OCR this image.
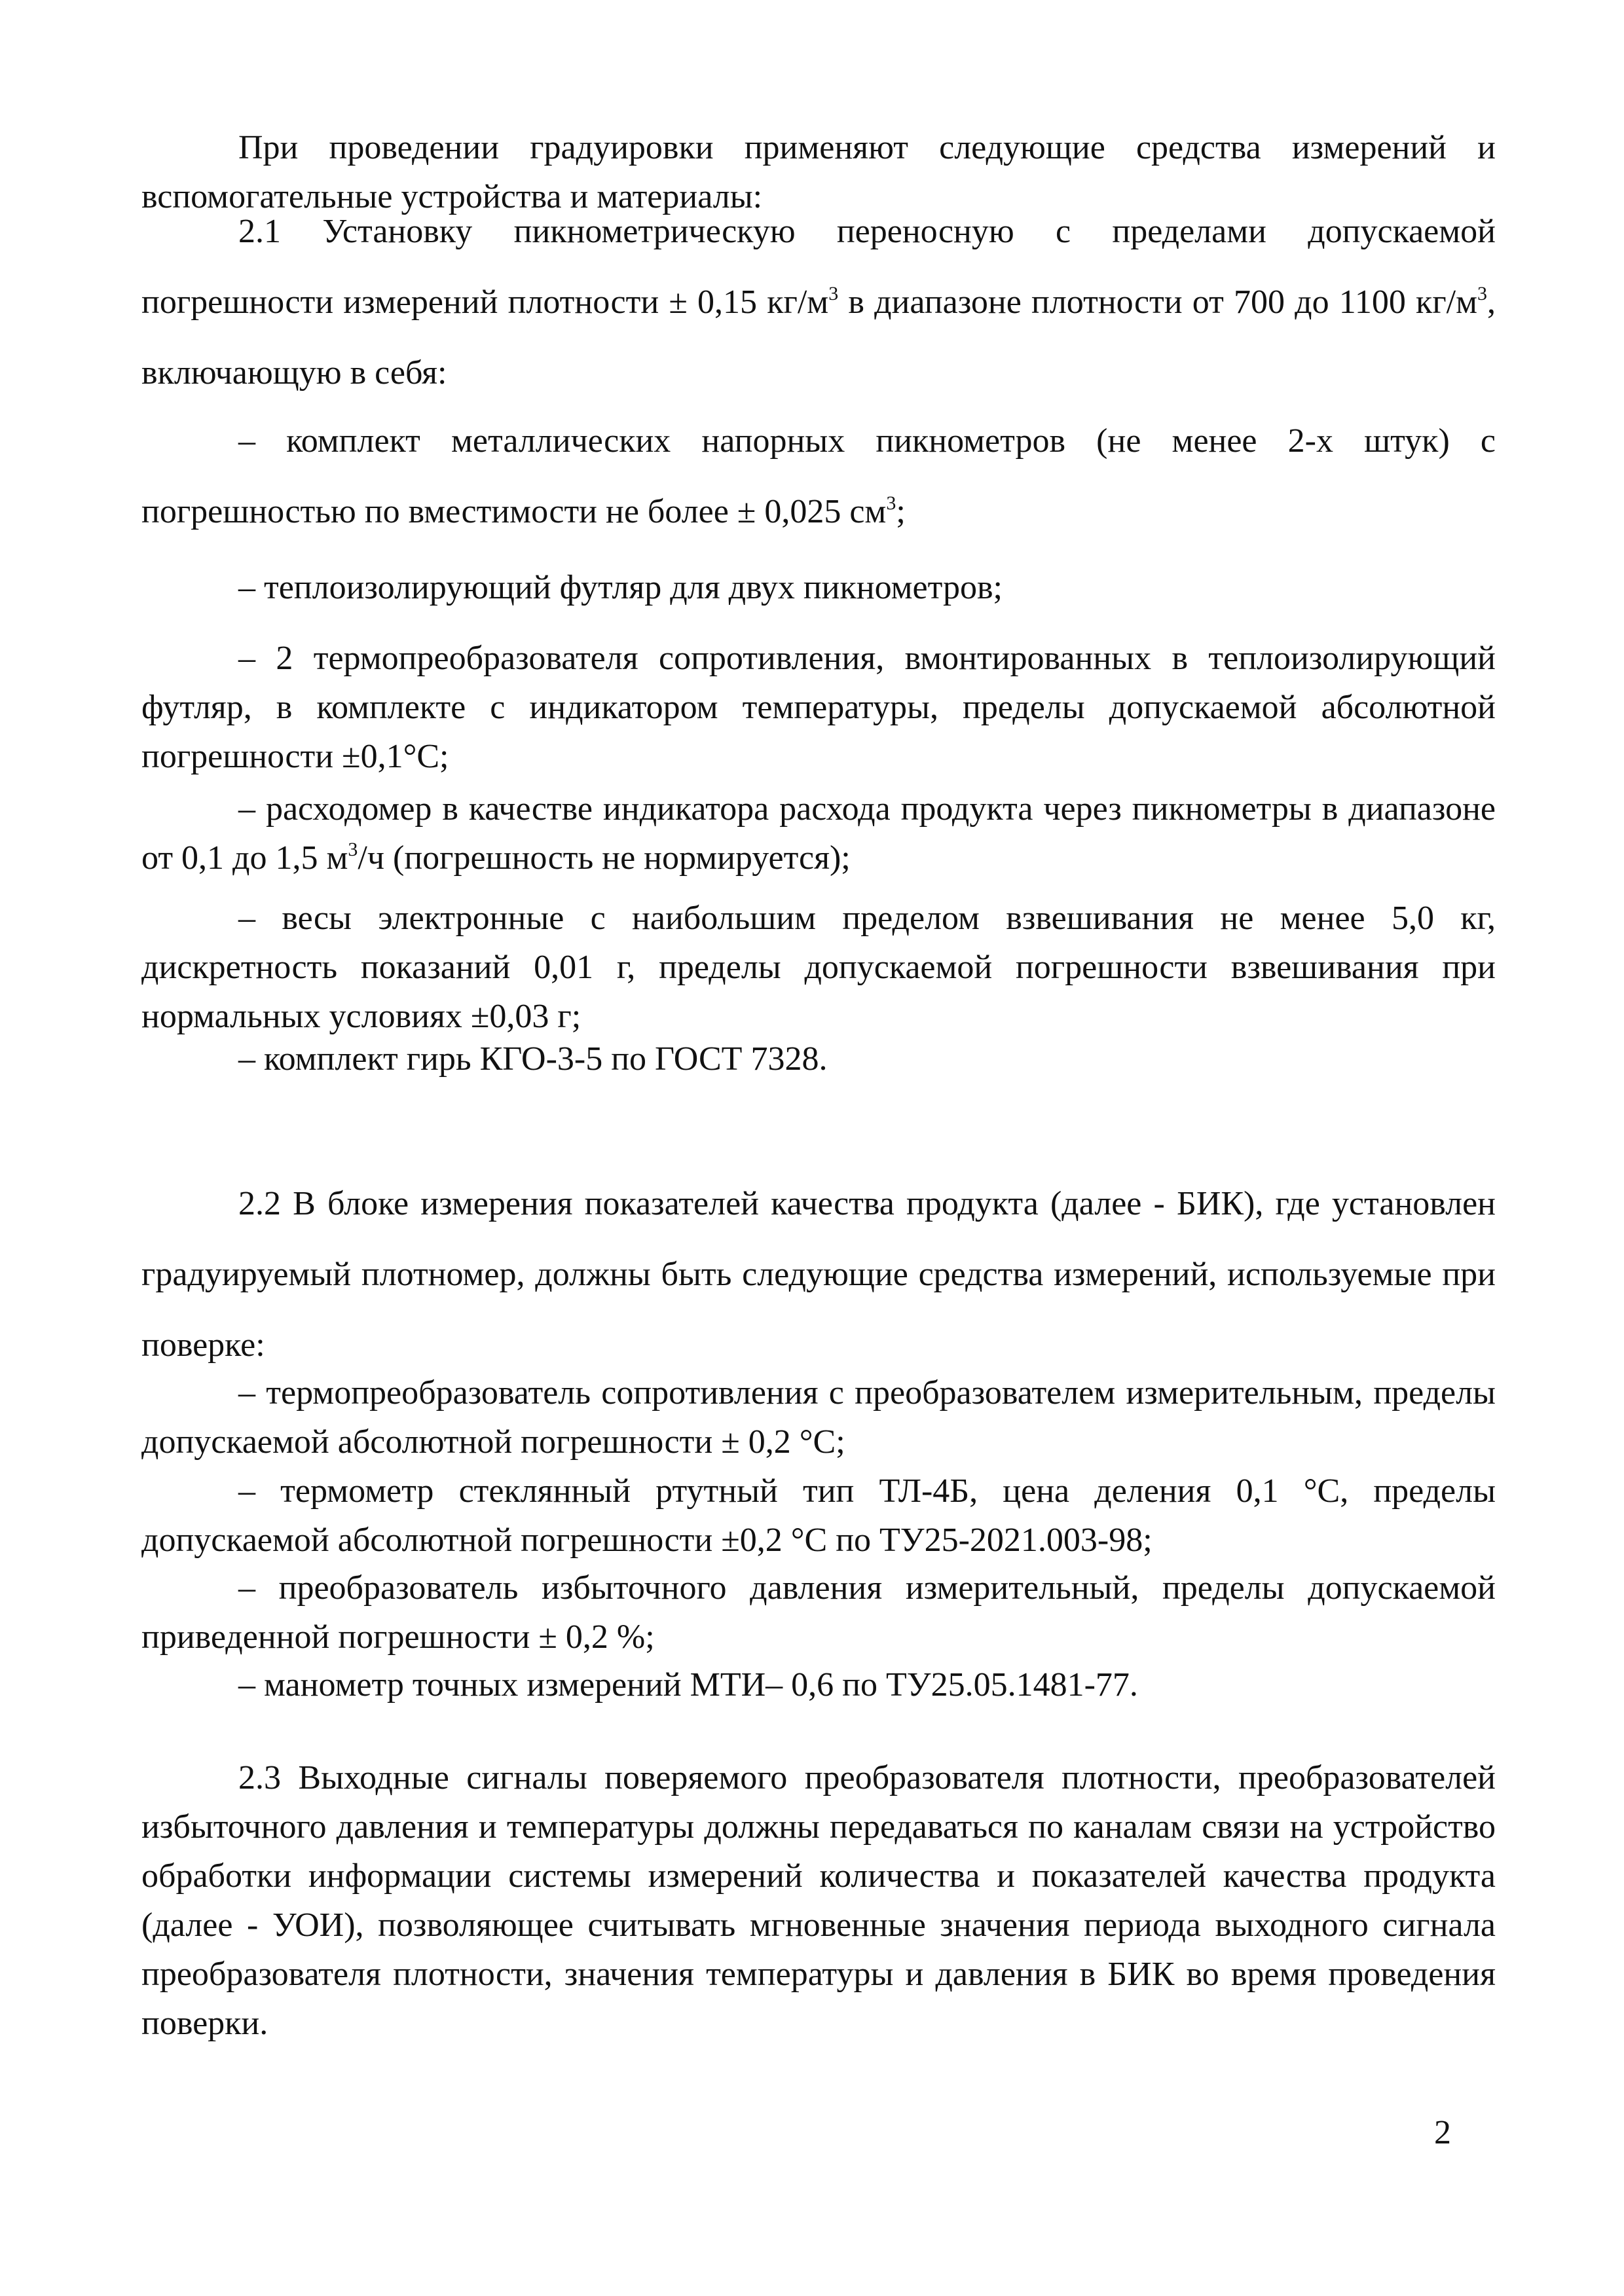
При проведении градуировки применяют следующие средства измерений и вспомогательные устройства и материалы:

2.1 Установку пикнометрическую переносную с пределами допускаемой погрешности измерений плотности ± 0,15 $кг/м^3$ в диапазоне плотности от 700 до 1100 $кг/м^3$, включающую в себя:

– комплект металлических напорных пикнометров (не менее 2-х штук) с погрешностью по вместимости не более ± 0,025 $см^3$;

– теплоизолирующий футляр для двух пикнометров;

– 2 термопреобразователя сопротивления, вмонтированных в теплоизолирующий футляр, в комплекте с индикатором температуры, пределы допускаемой абсолютной погрешности ±0,1°С;

– расходомер в качестве индикатора расхода продукта через пикнометры в диапазоне от 0,1 до 1,5 $м^3/ч$ (погрешность не нормируется);

– весы электронные с наибольшим пределом взвешивания не менее 5,0 кг, дискретность показаний 0,01 г, пределы допускаемой погрешности взвешивания при нормальных условиях ±0,03 г;

– комплект гирь КГО-3-5 по ГОСТ 7328.

2.2 В блоке измерения показателей качества продукта (далее - БИК), где установлен градуируемый плотномер, должны быть следующие средства измерений, используемые при поверке:

– термопреобразователь сопротивления с преобразователем измерительным, пределы допускаемой абсолютной погрешности ± 0,2 °С;

– термометр стеклянный ртутный тип ТЛ-4Б, цена деления 0,1 °С, пределы допускаемой абсолютной погрешности ±0,2 °С по ТУ25-2021.003-98;

– преобразователь избыточного давления измерительный, пределы допускаемой приведенной погрешности ± 0,2 %;

– манометр точных измерений МТИ– 0,6 по ТУ25.05.1481-77.

2.3 Выходные сигналы поверяемого преобразователя плотности, преобразователей избыточного давления и температуры должны передаваться по каналам связи на устройство обработки информации системы измерений количества и показателей качества продукта (далее - УОИ), позволяющее считывать мгновенные значения периода выходного сигнала преобразователя плотности, значения температуры и давления в БИК во время проведения поверки.

2
